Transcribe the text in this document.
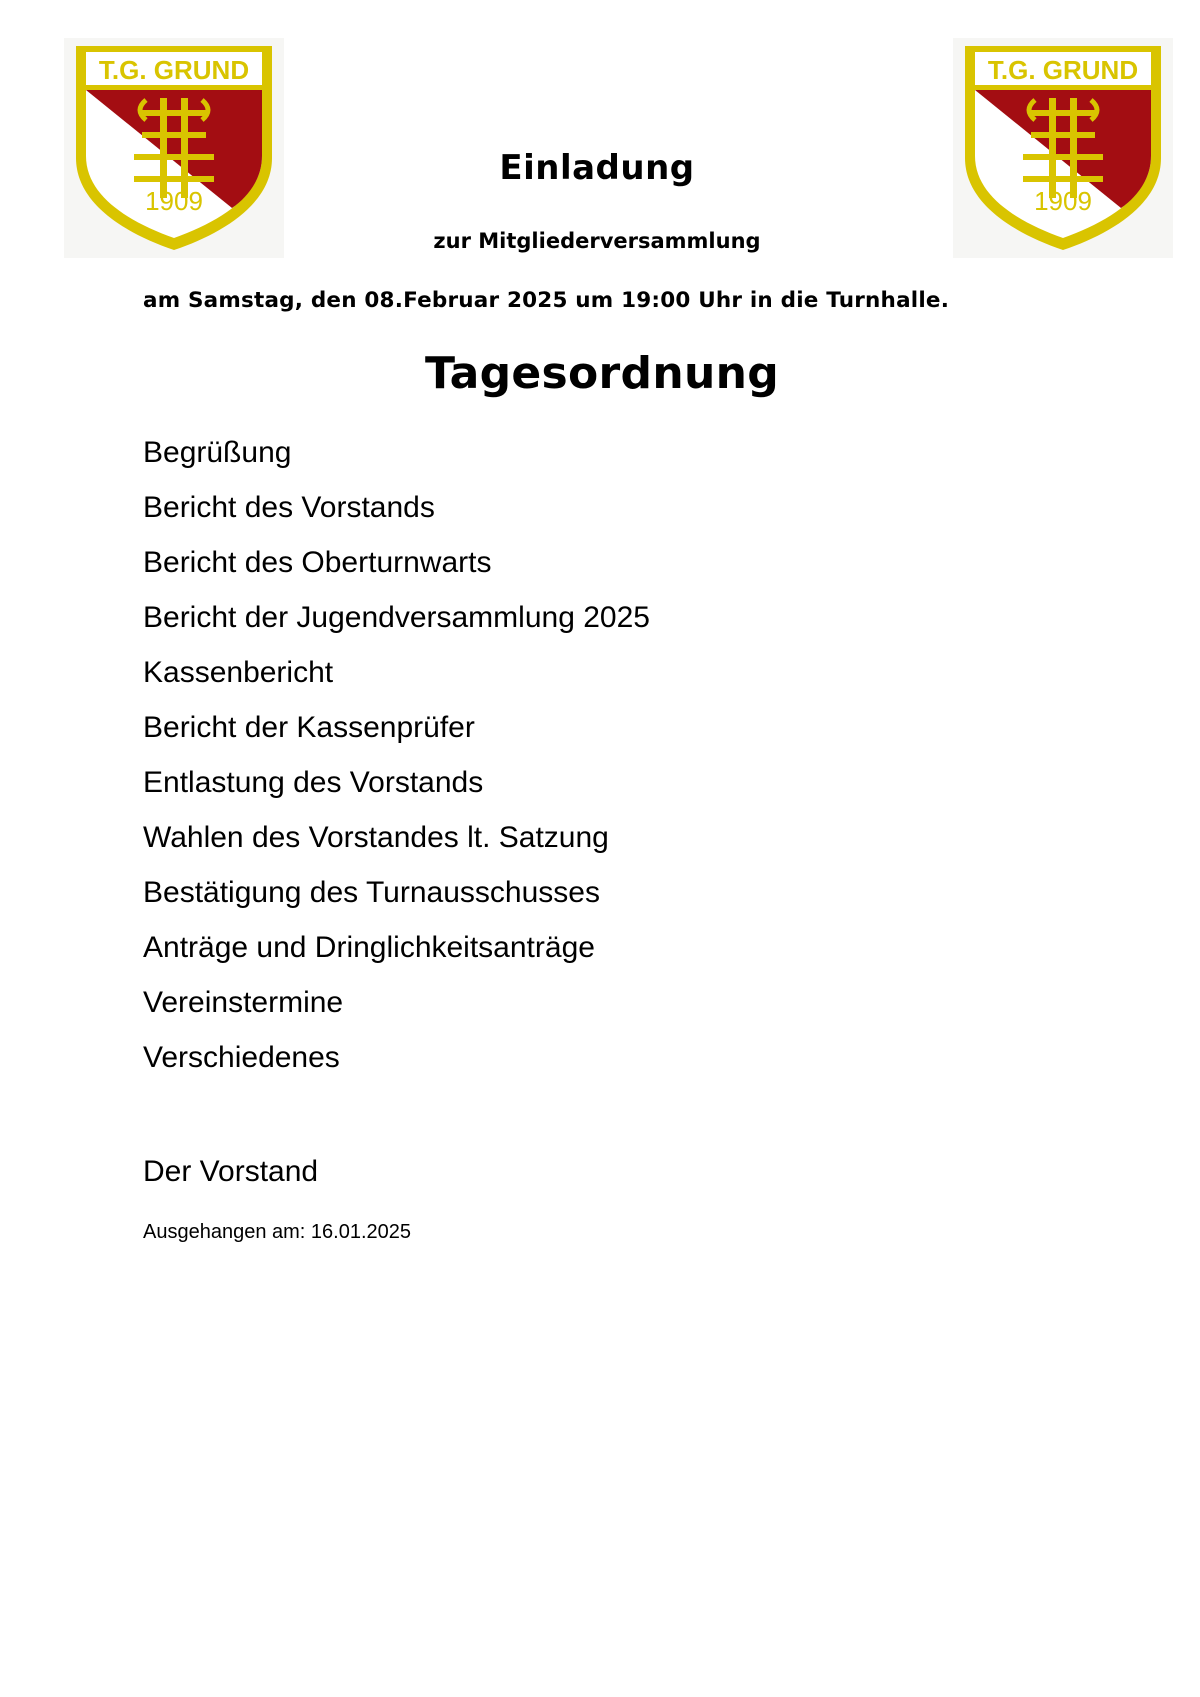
T.G. GRUND
1909
T.G. GRUND
1909
Einladung
zur Mitgliederversammlung
am Samstag, den 08.Februar 2025 um 19:00 Uhr in die Turnhalle.
Tagesordnung
Begrüßung
Bericht des Vorstands
Bericht des Oberturnwarts
Bericht der Jugendversammlung 2025
Kassenbericht
Bericht der Kassenprüfer
Entlastung des Vorstands
Wahlen des Vorstandes lt. Satzung
Bestätigung des Turnausschusses
Anträge und Dringlichkeitsanträge
Vereinstermine
Verschiedenes
Der Vorstand
Ausgehangen am: 16.01.2025
